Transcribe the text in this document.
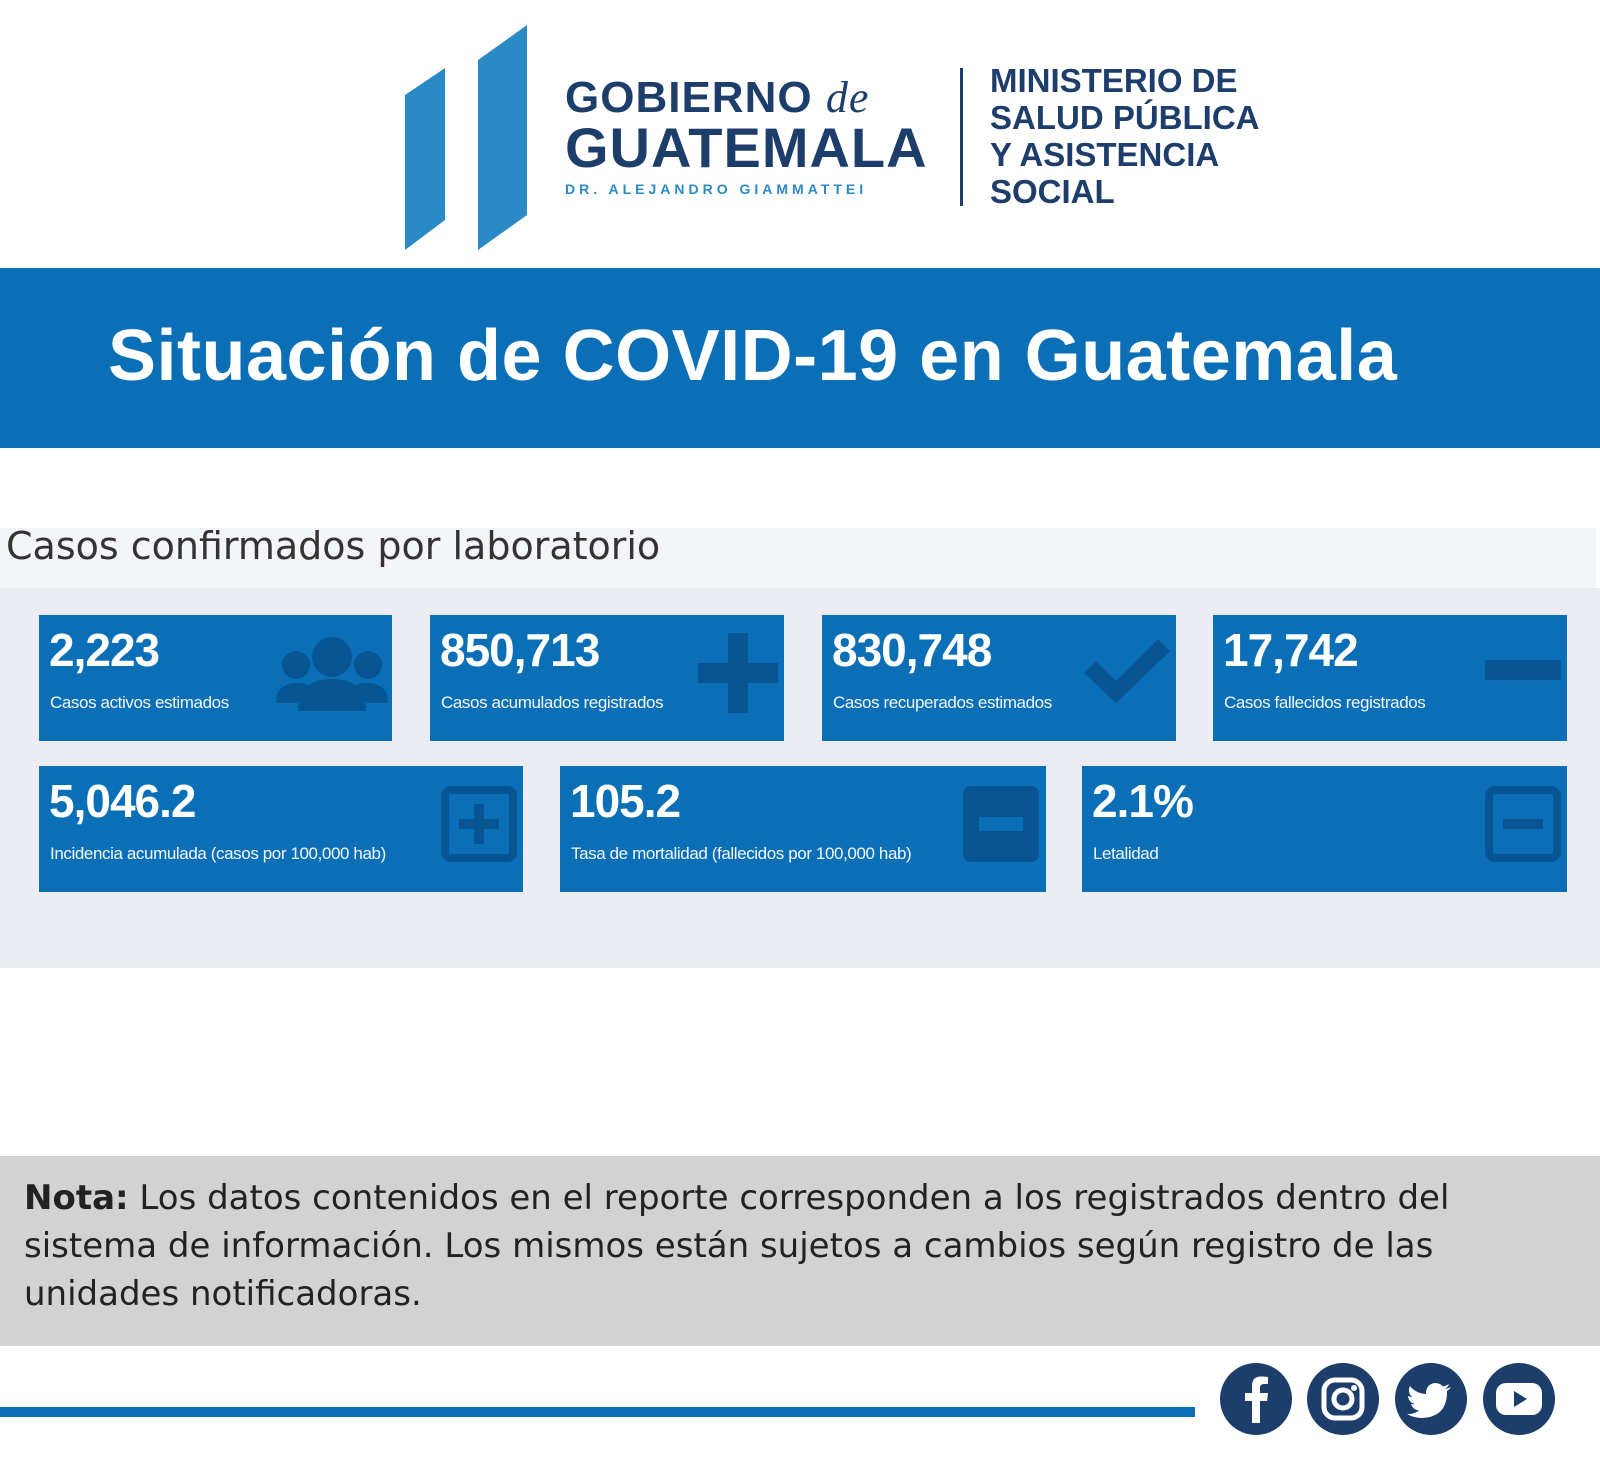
GOBIERNO de
GUATEMALA
DR. ALEJANDRO GIAMMATTEI
MINISTERIO DE
SALUD PÚBLICA
Y ASISTENCIA
SOCIAL
Situación de COVID-19 en Guatemala
Casos confirmados por laboratorio
2,223
Casos activos estimados
850,713
Casos acumulados registrados
830,748
Casos recuperados estimados
17,742
Casos fallecidos registrados
5,046.2
Incidencia acumulada (casos por 100,000 hab)
105.2
Tasa de mortalidad (fallecidos por 100,000 hab)
2.1%
Letalidad

Nota: Los datos contenidos en el reporte corresponden a los registrados dentro del sistema de información. Los mismos están sujetos a cambios según registro de las unidades notificadoras.
